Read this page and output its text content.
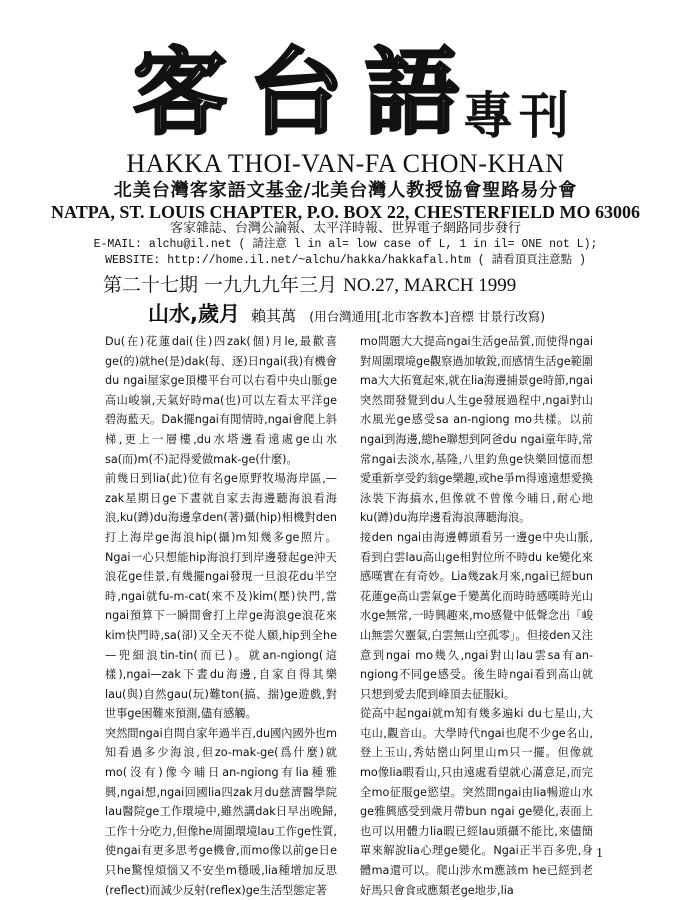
客台語
專刊
HAKKA THOI-VAN-FA CHON-KHAN
北美台灣客家語文基金/北美台灣人教授協會聖路易分會
NATPA, ST. LOUIS CHAPTER, P.O. BOX 22, CHESTERFIELD MO 63006
客家雜誌、台灣公論報、太平洋時報、世界電子網路同步發行
E-MAIL: alchu@il.net ( 請注意 l in al= low case of L, 1 in il= ONE not L);
WEBSITE: http://home.il.net/~alchu/hakka/hakkafal.htm ( 請看頂頁注意點 )
第二十七期 一九九九年三月 NO.27, MARCH 1999
山水,歲月 賴其萬 (用台灣通用[北市客教本]音標 甘景行改寫)

Du(在)花蓮dai(住)四zak(個)月le,最歡喜ge(的)就he(是)dak(每、逐)日ngai(我)有機會du ngai屋家ge頂樓平台可以右看中央山脈ge高山峻嶺,天氣好時ma(也)可以左看太平洋ge碧海藍天。Dak擺ngai有閒情時,ngai會爬上斜梯,更上一層樓,du水塔邊看遠處ge山水sa(而)m(不)記得愛做mak-ge(什麼)。

前幾日到lia(此)位有名ge原野牧場海岸區,—zak星期日ge下晝就自家去海邊聽海浪看海浪,ku(蹲)du海邊拿den(著)攝(hip)相機對den打上海岸ge海浪hip(攝)m知幾多ge照片。Ngai一心只想能hip海浪打到岸邊發起ge沖天浪花ge佳景,有幾擺ngai發現一旦浪花du半空時,ngai就fu-m-cat(來不及)kim(壓)快門,當ngai預算下一瞬間會打上岸ge海浪ge浪花來kim快門時,sa(卻)又全天不從人願,hip到全he—兜細浪tin-tin(而已)。就an-ngiong(這樣),ngai—zak下晝du海邊,自家自得其樂lau(與)自然gau(玩)難ton(搞、揣)ge遊戲,對世事ge困難來預測,儘有感觸。

突然間ngai自問自家年過半百,du國內國外也m知看過多少海浪,但zo-mak-ge(爲什麼)就mo(沒有)像今晡日an-ngiong有lia種雅興,ngai想,ngai回國lia四zak月du慈濟醫學院lau醫院ge工作環境中,雖然講dak日早出晚歸,工作十分吃力,但像he周圍環境lau工作ge性質,使ngai有更多思考ge機會,而mo像以前ge日e只he驚惶煩惱又不安坐m穩暖,lia種增加反思(reflect)而減少反射(reflex)ge生活型態定著

mo問題大大提高ngai生活ge品質,而使得ngai對周圍環境ge觀察過加敏銳,而感情生活ge範圍ma大大拓寬起來,就在lia海邊捕景ge時節,ngai突然間發覺到du人生ge發展過程中,ngai對山水風光ge感受sa an-ngiong mo共樣。以前ngai到海邊,總he聯想到阿爸du ngai童年時,常常ngai去淡水,基隆,八里釣魚ge快樂回憶而想愛重新享受釣翁ge樂趣,或he爭m得遠遠想愛換泳裝下海搞水,但像就不曾像今晡日,耐心地ku(蹲)du海岸邊看海浪薄聽海浪。

接den ngai由海邊轉頭看另一邊ge中央山脈,看到白雲lau高山ge相對位所不時du ke變化來感嘆實在有奇妙。Lia幾zak月來,ngai已經bun花蓮ge高山雲氣ge千變萬化而時時感嘆時光山水ge無常,一時興趣來,mo感覺中低聲念出「峻山無雲欠靈氣,白雲無山空孤零」。但接den又注意到ngai mo幾久,ngai對山lau雲sa有an-ngiong不同ge感受。後生時ngai看到高山就只想到愛去爬到峰頂去征服ki。

從高中起ngai就m知有幾多遍ki du七星山,大屯山,觀音山。大學時代ngai也爬不少ge名山,登上玉山,秀姑巒山阿里山m只一擺。但像就mo像lia暇看山,只由遠處看望就心滿意足,而完全mo征服ge慾望。突然間ngai由lia暢遊山水ge雅興感受到歲月帶bun ngai ge變化,表面上也可以用體力lia暇已經lau頭攝不能比,來儘簡單來解說lia心理ge變化。Ngai正半百多兜,身體ma還可以。爬山涉水m應該m he已經到老好馬只會食或應類老ge地步,lia

1
